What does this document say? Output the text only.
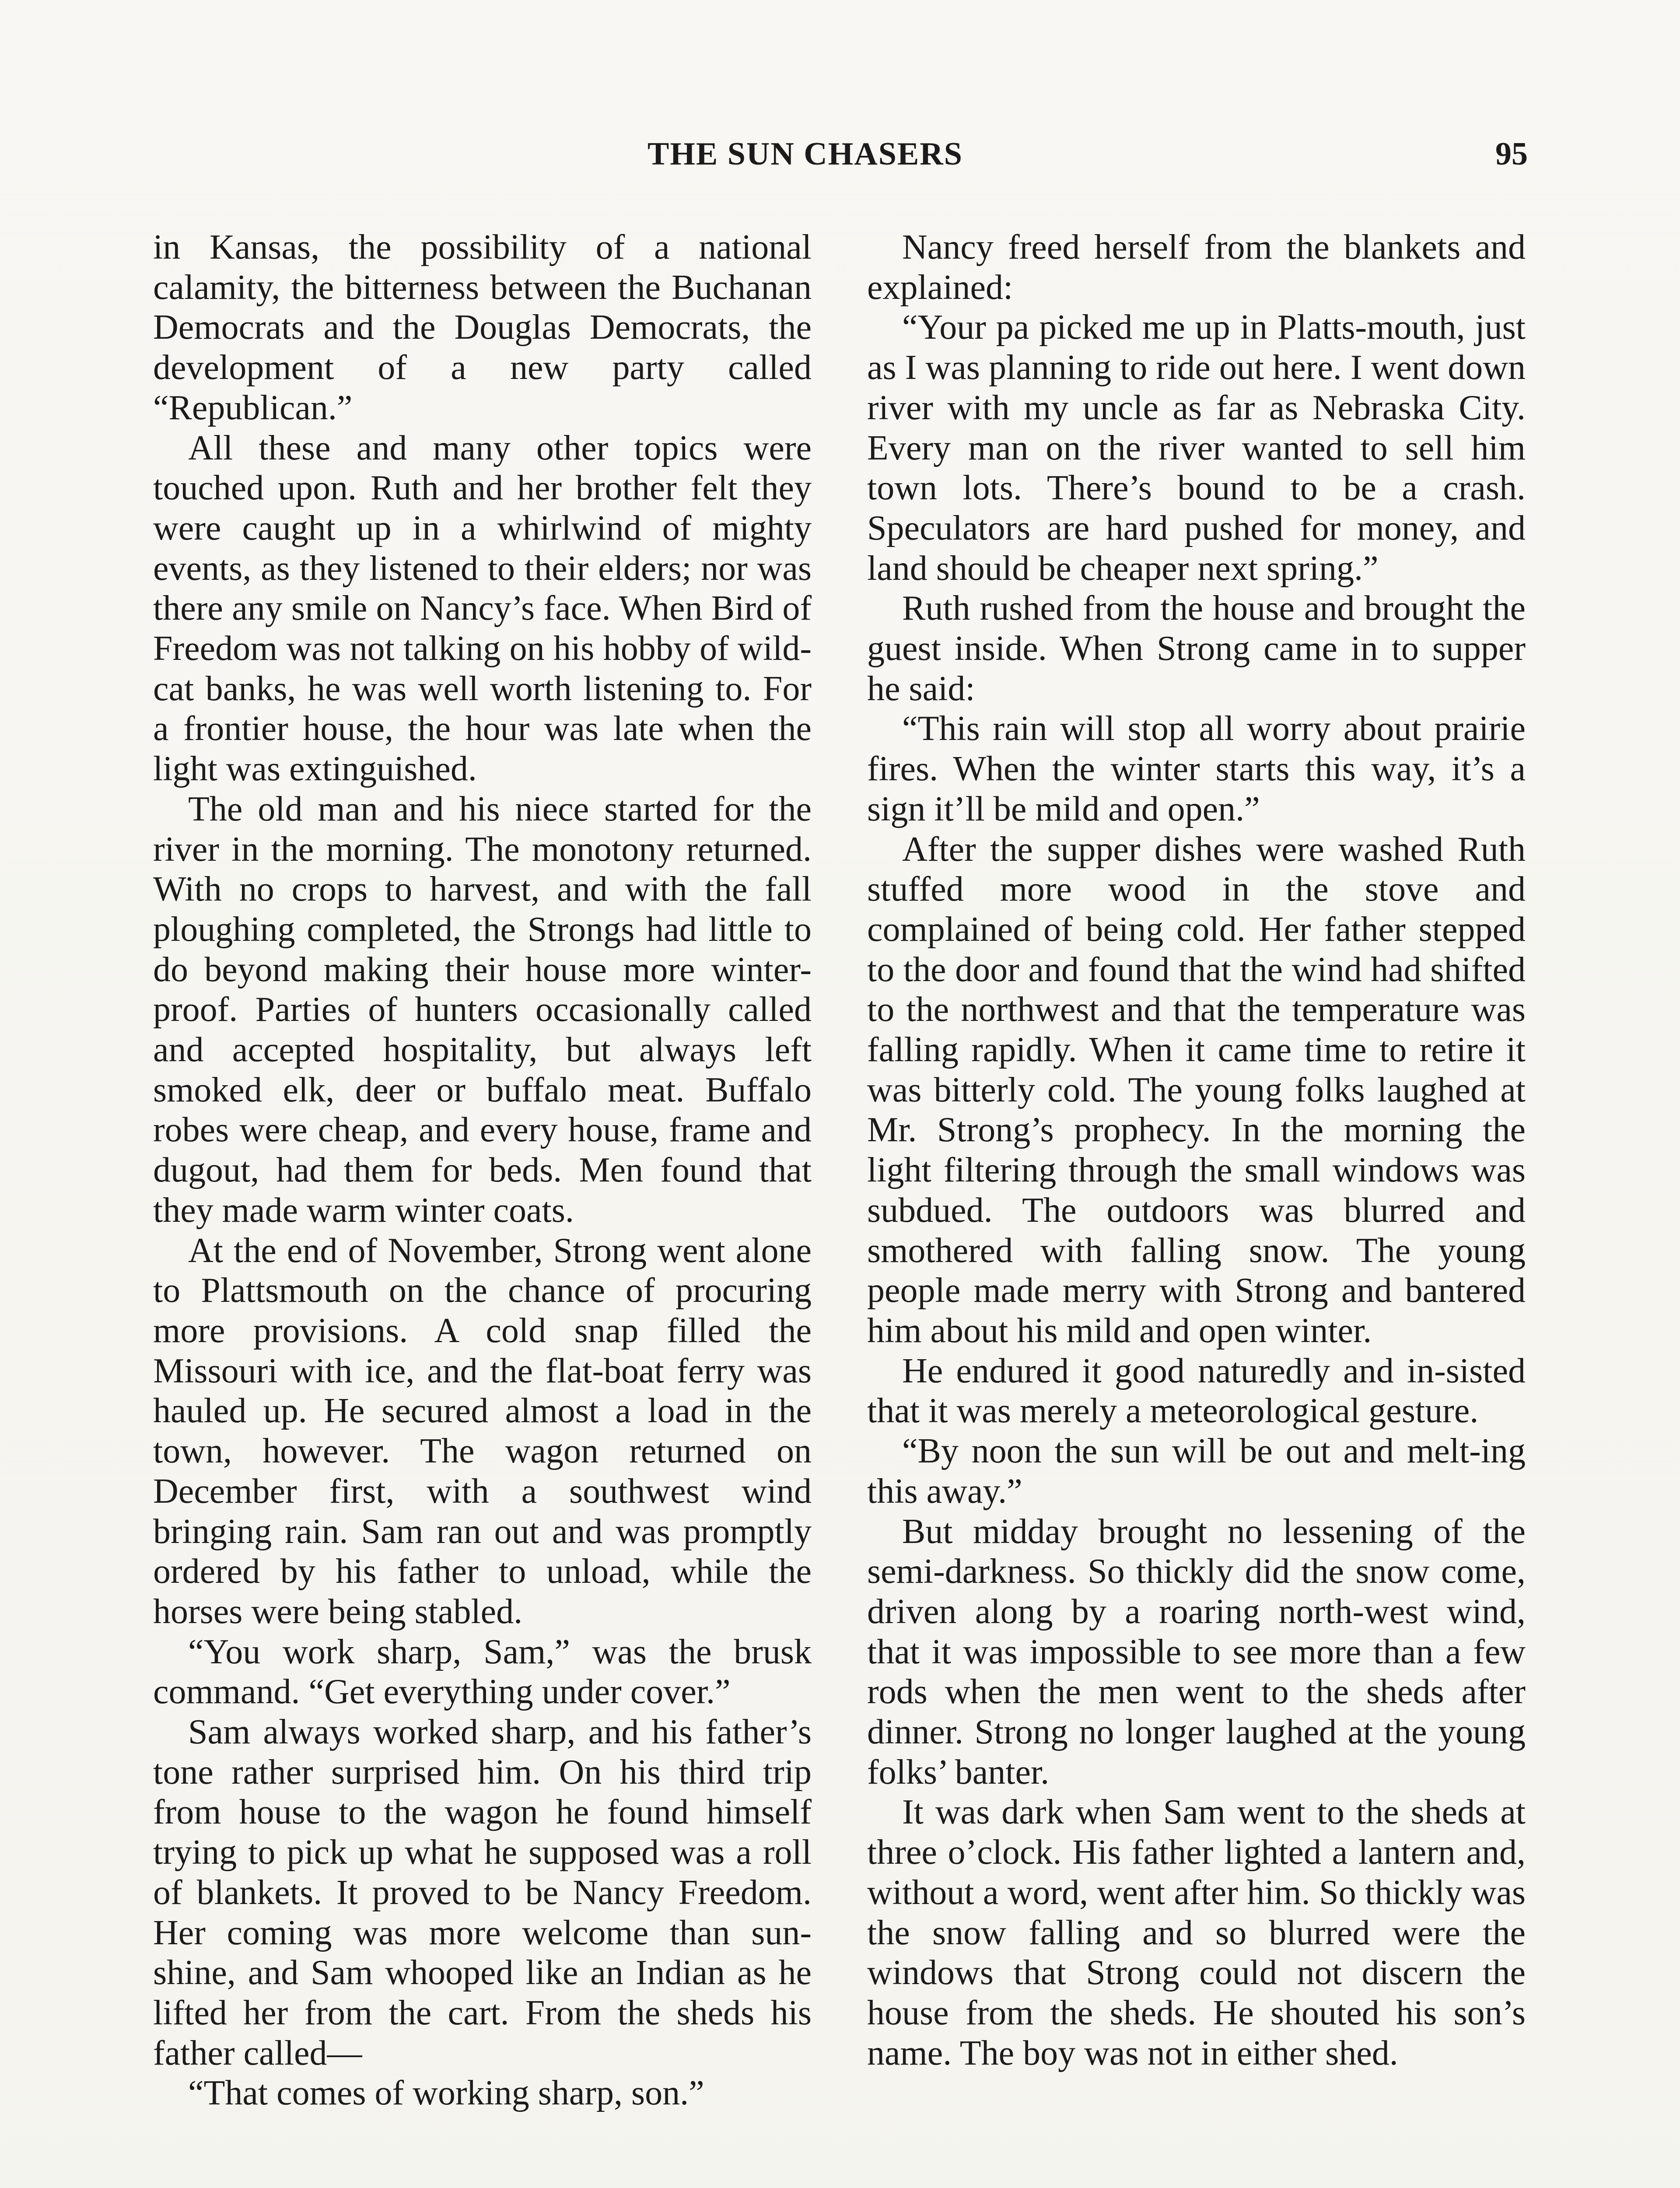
THE SUN CHASERS	95

in Kansas, the possibility of a national calamity, the bitterness between the Buchanan Democrats and the Douglas Democrats, the development of a new party called “Republican.”

All these and many other topics were touched upon. Ruth and her brother felt they were caught up in a whirlwind of mighty events, as they listened to their elders; nor was there any smile on Nancy’s face. When Bird of Freedom was not talking on his hobby of wild-cat banks, he was well worth listening to. For a frontier house, the hour was late when the light was extinguished.

The old man and his niece started for the river in the morning. The monotony returned. With no crops to harvest, and with the fall ploughing completed, the Strongs had little to do beyond making their house more winter-proof. Parties of hunters occasionally called and accepted hospitality, but always left smoked elk, deer or buffalo meat. Buffalo robes were cheap, and every house, frame and dugout, had them for beds. Men found that they made warm winter coats.

At the end of November, Strong went alone to Plattsmouth on the chance of procuring more provisions. A cold snap filled the Missouri with ice, and the flat-boat ferry was hauled up. He secured almost a load in the town, however. The wagon returned on December first, with a southwest wind bringing rain. Sam ran out and was promptly ordered by his father to unload, while the horses were being stabled.

“You work sharp, Sam,” was the brusk command. “Get everything under cover.”

Sam always worked sharp, and his father’s tone rather surprised him. On his third trip from house to the wagon he found himself trying to pick up what he supposed was a roll of blankets. It proved to be Nancy Freedom. Her coming was more welcome than sun-shine, and Sam whooped like an Indian as he lifted her from the cart. From the sheds his father called—

“That comes of working sharp, son.”

Nancy freed herself from the blankets and explained:

“Your pa picked me up in Platts-mouth, just as I was planning to ride out here. I went down river with my uncle as far as Nebraska City. Every man on the river wanted to sell him town lots. There’s bound to be a crash. Speculators are hard pushed for money, and land should be cheaper next spring.”

Ruth rushed from the house and brought the guest inside. When Strong came in to supper he said:

“This rain will stop all worry about prairie fires. When the winter starts this way, it’s a sign it’ll be mild and open.”

After the supper dishes were washed Ruth stuffed more wood in the stove and complained of being cold. Her father stepped to the door and found that the wind had shifted to the northwest and that the temperature was falling rapidly. When it came time to retire it was bitterly cold. The young folks laughed at Mr. Strong’s prophecy. In the morning the light filtering through the small windows was subdued. The outdoors was blurred and smothered with falling snow. The young people made merry with Strong and bantered him about his mild and open winter.

He endured it good naturedly and in-sisted that it was merely a meteorological gesture.

“By noon the sun will be out and melt-ing this away.”

But midday brought no lessening of the semi-darkness. So thickly did the snow come, driven along by a roaring north-west wind, that it was impossible to see more than a few rods when the men went to the sheds after dinner. Strong no longer laughed at the young folks’ banter.

It was dark when Sam went to the sheds at three o’clock. His father lighted a lantern and, without a word, went after him. So thickly was the snow falling and so blurred were the windows that Strong could not discern the house from the sheds. He shouted his son’s name. The boy was not in either shed.
